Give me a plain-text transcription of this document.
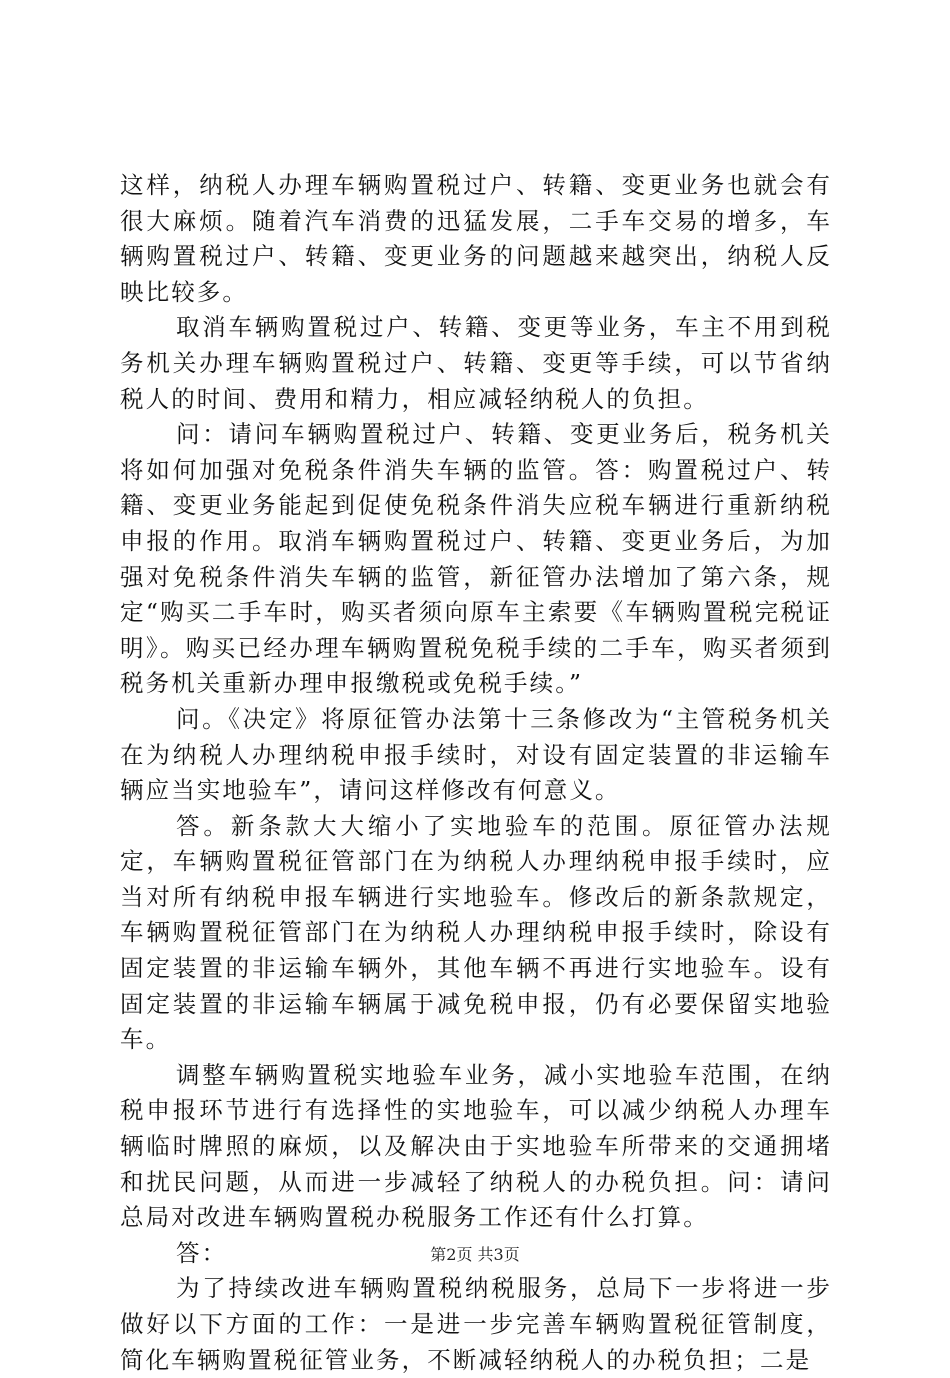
这样，纳税人办理车辆购置税过户、转籍、变更业务也就会有很大麻烦。随着汽车消费的迅猛发展，二手车交易的增多，车辆购置税过户、转籍、变更业务的问题越来越突出，纳税人反映比较多。

取消车辆购置税过户、转籍、变更等业务，车主不用到税务机关办理车辆购置税过户、转籍、变更等手续，可以节省纳税人的时间、费用和精力，相应减轻纳税人的负担。

问：请问车辆购置税过户、转籍、变更业务后，税务机关将如何加强对免税条件消失车辆的监管。答：购置税过户、转籍、变更业务能起到促使免税条件消失应税车辆进行重新纳税申报的作用。取消车辆购置税过户、转籍、变更业务后，为加强对免税条件消失车辆的监管，新征管办法增加了第六条，规定“购买二手车时，购买者须向原车主索要《车辆购置税完税证明》。购买已经办理车辆购置税免税手续的二手车，购买者须到税务机关重新办理申报缴税或免税手续。”

问。《决定》将原征管办法第十三条修改为“主管税务机关在为纳税人办理纳税申报手续时，对设有固定装置的非运输车辆应当实地验车”，请问这样修改有何意义。

答。新条款大大缩小了实地验车的范围。原征管办法规定，车辆购置税征管部门在为纳税人办理纳税申报手续时，应当对所有纳税申报车辆进行实地验车。修改后的新条款规定，车辆购置税征管部门在为纳税人办理纳税申报手续时，除设有固定装置的非运输车辆外，其他车辆不再进行实地验车。设有固定装置的非运输车辆属于减免税申报，仍有必要保留实地验车。

调整车辆购置税实地验车业务，减小实地验车范围，在纳税申报环节进行有选择性的实地验车，可以减少纳税人办理车辆临时牌照的麻烦，以及解决由于实地验车所带来的交通拥堵和扰民问题，从而进一步减轻了纳税人的办税负担。问：请问总局对改进车辆购置税办税服务工作还有什么打算。

答：

为了持续改进车辆购置税纳税服务，总局下一步将进一步做好以下方面的工作：一是进一步完善车辆购置税征管制度，简化车辆购置税征管业务，不断减轻纳税人的办税负担；二是

第2页 共3页
